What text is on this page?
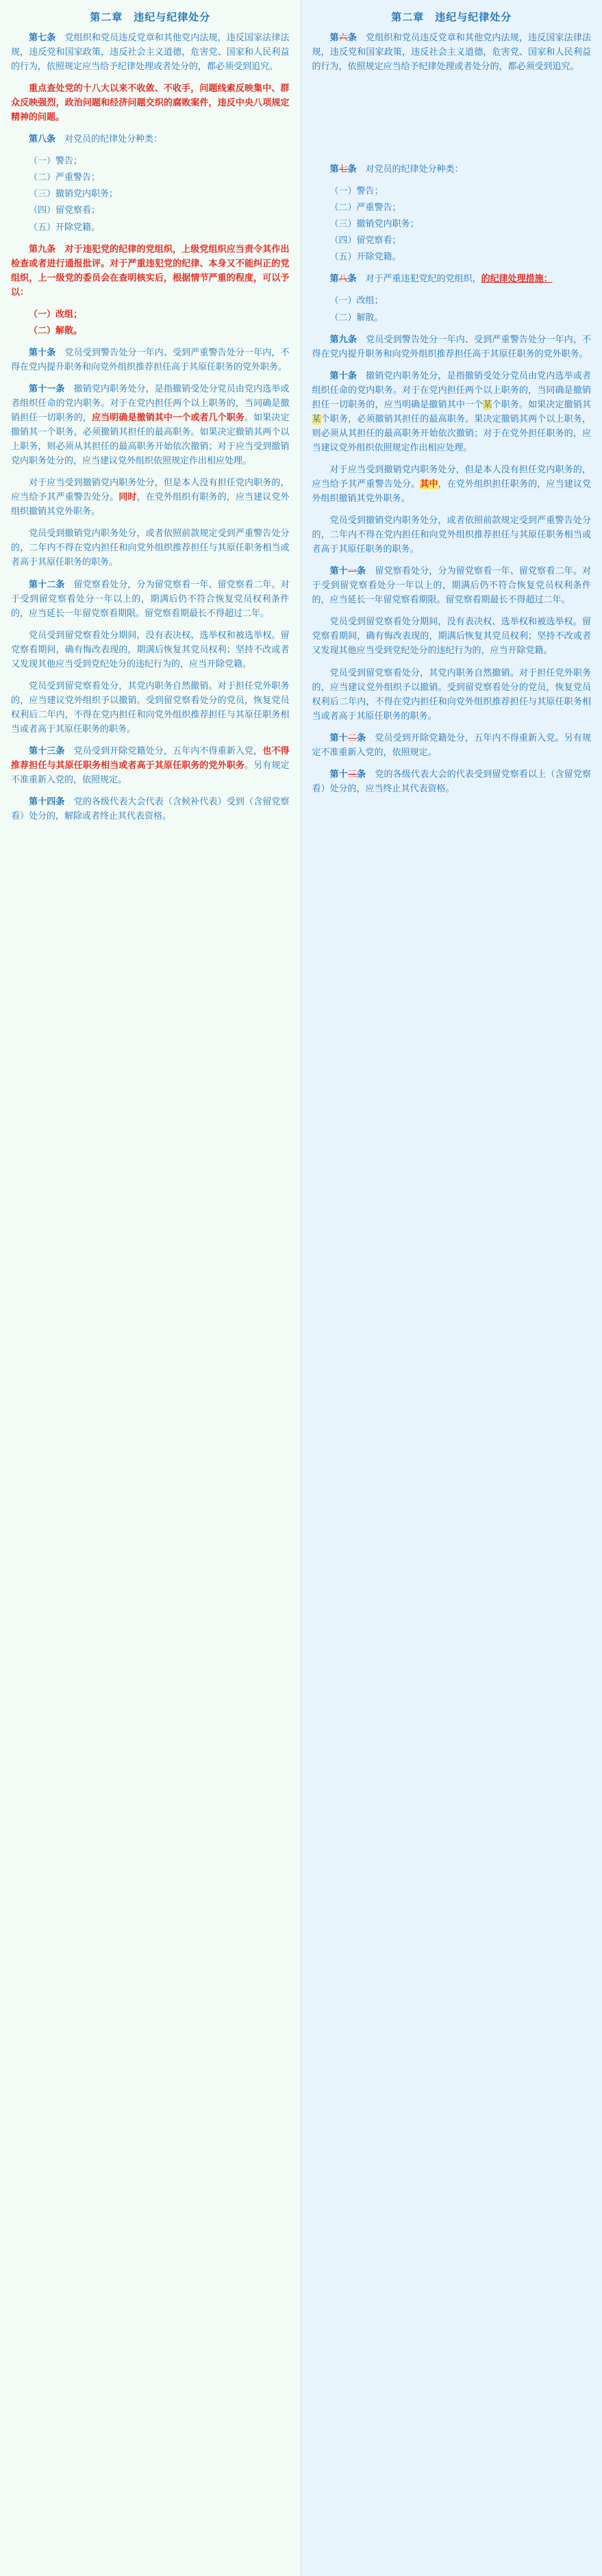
第二章　违纪与纪律处分

第七条　党组织和党员违反党章和其他党内法规，违反国家法律法规，违反党和国家政策，违反社会主义道德，危害党、国家和人民利益的行为，依照规定应当给予纪律处理或者处分的，都必须受到追究。

重点查处党的十八大以来不收敛、不收手，问题线索反映集中、群众反映强烈，政治问题和经济问题交织的腐败案件，违反中央八项规定精神的问题。

第八条　对党员的纪律处分种类：

（一）警告；

（二）严重警告；

（三）撤销党内职务；

（四）留党察看；

（五）开除党籍。

第九条　对于违犯党的纪律的党组织，上级党组织应当责令其作出检查或者进行通报批评。对于严重违犯党的纪律、本身又不能纠正的党组织，上一级党的委员会在查明核实后，根据情节严重的程度，可以予以：

（一）改组；

（二）解散。

第十条　党员受到警告处分一年内、受到严重警告处分一年内，不得在党内提升职务和向党外组织推荐担任高于其原任职务的党外职务。

第十一条　撤销党内职务处分，是指撤销受处分党员由党内选举或者组织任命的党内职务。对于在党内担任两个以上职务的，当同确是撤销担任一切职务的，应当明确是撤销其中一个或者几个职务。如果决定撤销其一个职务，必须撤销其担任的最高职务。如果决定撤销其两个以上职务，则必须从其担任的最高职务开始依次撤销；对于应当受到撤销党内职务处分的，应当建议党外组织依照规定作出相应处理。

对于应当受到撤销党内职务处分，但是本人没有担任党内职务的，应当给予其严重警告处分。同时，在党外组织有职务的，应当建议党外组织撤销其党外职务。

党员受到撤销党内职务处分，或者依照前款规定受到严重警告处分的，二年内不得在党内担任和向党外组织推荐担任与其原任职务相当或者高于其原任职务的职务。

第十二条　留党察看处分，分为留党察看一年、留党察看二年。对于受到留党察看处分一年以上的，期满后仍不符合恢复党员权利条件的，应当延长一年留党察看期限。留党察看期最长不得超过二年。

党员受到留党察看处分期间，没有表决权、选举权和被选举权。留党察看期间，确有悔改表现的，期满后恢复其党员权利；坚持不改或者又发现其他应当受到党纪处分的违纪行为的，应当开除党籍。

党员受到留党察看处分，其党内职务自然撤销。对于担任党外职务的，应当建议党外组织予以撤销。受到留党察看处分的党员，恢复党员权利后二年内，不得在党内担任和向党外组织推荐担任与其原任职务相当或者高于其原任职务的职务。

第十三条　党员受到开除党籍处分，五年内不得重新入党，也不得推荐担任与其原任职务相当或者高于其原任职务的党外职务。另有规定不准重新入党的，依照规定。

第十四条　党的各级代表大会代表（含候补代表）受到（含留党察看）处分的，解除或者终止其代表资格。

第二章　违纪与纪律处分

第六条　党组织和党员违反党章和其他党内法规，违反国家法律法规，违反党和国家政策，违反社会主义道德，危害党、国家和人民利益的行为，依照规定应当给予纪律处理或者处分的，都必须受到追究。

第七条　对党员的纪律处分种类：

（一）警告；

（二）严重警告；

（三）撤销党内职务；

（四）留党察看；

（五）开除党籍。

第八条　对于严重违犯党纪的党组织，的纪律处理措施：

（一）改组；

（二）解散。

第九条　党员受到警告处分一年内、受到严重警告处分一年内，不得在党内提升职务和向党外组织推荐担任高于其原任职务的党外职务。

第十条　撤销党内职务处分，是指撤销受处分党员由党内选举或者组织任命的党内职务。对于在党内担任两个以上职务的，当同确是撤销担任一切职务的，应当明确是撤销其中一个某个职务。如果决定撤销其某个职务，必须撤销其担任的最高职务。果决定撤销其两个以上职务，则必须从其担任的最高职务开始依次撤销；对于在党外担任职务的，应当建议党外组织依照规定作出相应处理。

对于应当受到撤销党内职务处分，但是本人没有担任党内职务的，应当给予其严重警告处分。其中，在党外组织担任职务的，应当建议党外组织撤销其党外职务。

党员受到撤销党内职务处分，或者依照前款规定受到严重警告处分的，二年内不得在党内担任和向党外组织推荐担任与其原任职务相当或者高于其原任职务的职务。

第十一条　留党察看处分，分为留党察看一年、留党察看二年。对于受到留党察看处分一年以上的，期满后仍不符合恢复党员权利条件的，应当延长一年留党察看期限。留党察看期最长不得超过二年。

党员受到留党察看处分期间，没有表决权、选举权和被选举权。留党察看期间，确有悔改表现的，期满后恢复其党员权利；坚持不改或者又发现其他应当受到党纪处分的违纪行为的，应当开除党籍。

党员受到留党察看处分，其党内职务自然撤销。对于担任党外职务的，应当建议党外组织予以撤销。受到留党察看处分的党员，恢复党员权利后二年内，不得在党内担任和向党外组织推荐担任与其原任职务相当或者高于其原任职务的职务。

第十二条　党员受到开除党籍处分，五年内不得重新入党。另有规定不准重新入党的，依照规定。

第十三条　党的各级代表大会的代表受到留党察看以上（含留党察看）处分的，应当终止其代表资格。
